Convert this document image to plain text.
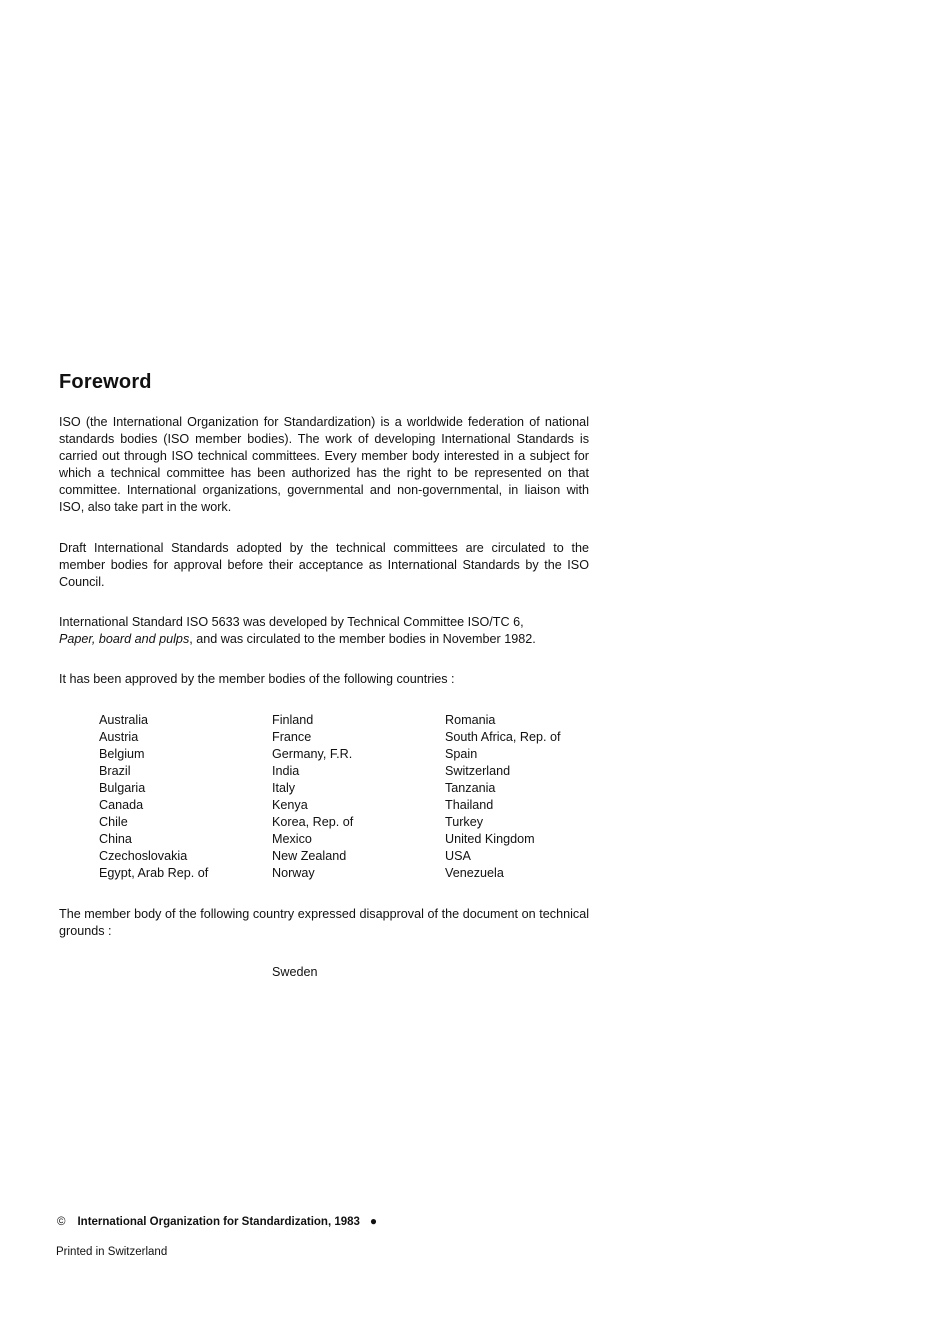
Foreword

ISO (the International Organization for Standardization) is a worldwide federation of national standards bodies (ISO member bodies). The work of developing International Standards is carried out through ISO technical committees. Every member body interested in a subject for which a technical committee has been authorized has the right to be represented on that committee. International organizations, governmental and non-governmental, in liaison with ISO, also take part in the work.

Draft International Standards adopted by the technical committees are circulated to the member bodies for approval before their acceptance as International Standards by the ISO Council.

International Standard ISO 5633 was developed by Technical Committee ISO/TC 6,
Paper, board and pulps, and was circulated to the member bodies in November 1982.

It has been approved by the member bodies of the following countries :

Australia
Austria
Belgium
Brazil
Bulgaria
Canada
Chile
China
Czechoslovakia
Egypt, Arab Rep. of
Finland
France
Germany, F.R.
India
Italy
Kenya
Korea, Rep. of
Mexico
New Zealand
Norway
Romania
South Africa, Rep. of
Spain
Switzerland
Tanzania
Thailand
Turkey
United Kingdom
USA
Venezuela

The member body of the following country expressed disapproval of the document on technical grounds :

Sweden
© International Organization for Standardization, 1983 ●
Printed in Switzerland
